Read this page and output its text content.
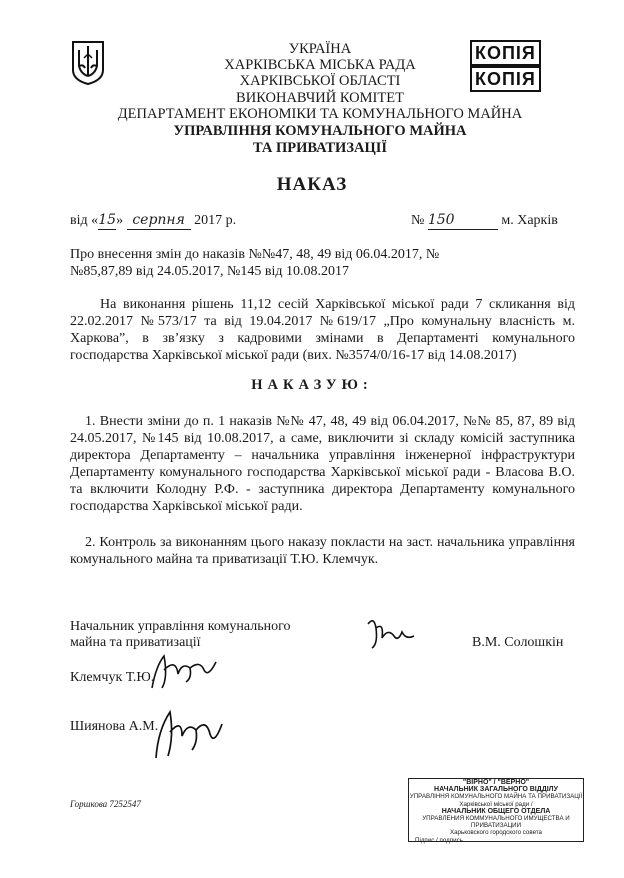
УКРАЇНА
ХАРКІВСЬКА МІСЬКА РАДА
ХАРКІВСЬКОЇ ОБЛАСТІ
ВИКОНАВЧИЙ КОМІТЕТ
ДЕПАРТАМЕНТ ЕКОНОМІКИ ТА КОМУНАЛЬНОГО МАЙНА
УПРАВЛІННЯ КОМУНАЛЬНОГО МАЙНА
ТА ПРИВАТИЗАЦІЇ
КОПІЯ
КОПІЯ
НАКАЗ
від «15» серпня 2017 р.	№ 150	м. Харків
Про внесення змін до наказів №№47, 48, 49 від 06.04.2017, №№85,87,89 від 24.05.2017, №145 від 10.08.2017
На виконання рішень 11,12 сесій Харківської міської ради 7 скликання від 22.02.2017 №573/17 та від 19.04.2017 №619/17 „Про комунальну власність м. Харкова”, в зв’язку з кадровими змінами в Департаменті комунального господарства Харківської міської ради (вих. №3574/0/16-17 від 14.08.2017)
НАКАЗУЮ:
1. Внести зміни до п. 1 наказів №№ 47, 48, 49 від 06.04.2017, №№ 85, 87, 89 від 24.05.2017, №145 від 10.08.2017, а саме, виключити зі складу комісій заступника директора Департаменту – начальника управління інженерної інфраструктури Департаменту комунального господарства Харківської міської ради - Власова В.О. та включити Колодну Р.Ф. - заступника директора Департаменту комунального господарства Харківської міської ради.
2. Контроль за виконанням цього наказу покласти на заст. начальника управління комунального майна та приватизації Т.Ю. Клемчук.
Начальник управління комунального
майна та приватизації	В.М. Солошкін
Клемчук Т.Ю.
Шиянова А.М.
Горшкова 7252547
"ВІРНО" / "ВЕРНО"
НАЧАЛЬНИК ЗАГАЛЬНОГО ВІДДІЛУ
УПРАВЛІННЯ КОМУНАЛЬНОГО МАЙНА ТА ПРИВАТИЗАЦІЇ
Харківської міської ради /
НАЧАЛЬНИК ОБЩЕГО ОТДЕЛА
УПРАВЛЕНИЯ КОММУНАЛЬНОГО ИМУЩЕСТВА И ПРИВАТИЗАЦИИ
Харьковского городского совета
Підпис / подпись
